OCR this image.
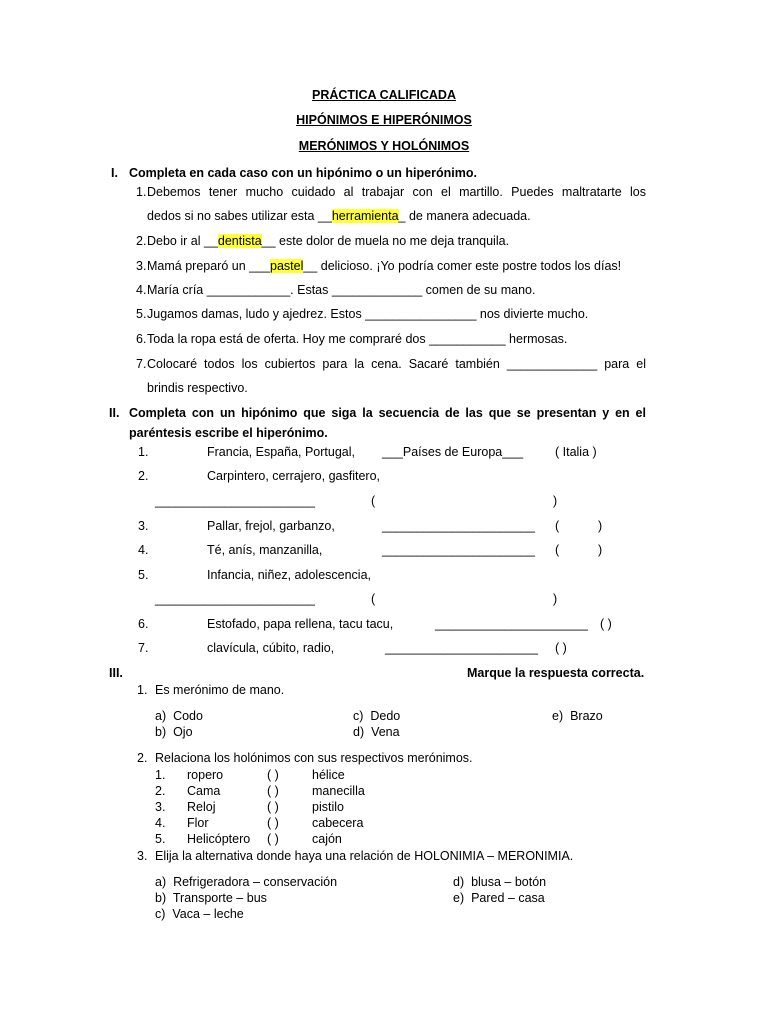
PRÁCTICA CALIFICADA
HIPÓNIMOS E HIPERÓNIMOS
MERÓNIMOS Y HOLÓNIMOS
I. Completa en cada caso con un hipónimo o un hiperónimo.
1. Debemos tener mucho cuidado al trabajar con el martillo. Puedes maltratarte los
dedos si no sabes utilizar esta __herramienta_ de manera adecuada.
2. Debo ir al __dentista__ este dolor de muela no me deja tranquila.
3. Mamá preparó un ___pastel__ delicioso. ¡Yo podría comer este postre todos los días!
4. María cría ____________. Estas _____________ comen de su mano.
5. Jugamos damas, ludo y ajedrez. Estos ________________ nos divierte mucho.
6. Toda la ropa está de oferta. Hoy me compraré dos ___________ hermosas.
7. Colocaré todos los cubiertos para la cena. Sacaré también _____________ para el
brindis respectivo.
II. Completa con un hipónimo que siga la secuencia de las que se presentan y en el
paréntesis escribe el hiperónimo.
1.	Francia, España, Portugal, ___Países de Europa___	( Italia )
2.	Carpintero, cerrajero, gasfitero,
_______________________	(	)
3.	Pallar, frejol, garbanzo,	______________________ (	)
4.	Té, anís, manzanilla,	______________________ (	)
5.	Infancia, niñez, adolescencia,
_______________________	(	)
6.	Estofado, papa rellena, tacu tacu,	______________________ ( )
7.	clavícula, cúbito, radio,	______________________ ( )
III.	Marque la respuesta correcta.
1. Es merónimo de mano.
a) Codo
b) Ojo
c) Dedo
d) Vena
e) Brazo
2. Relaciona los holónimos con sus respectivos merónimos.
1. ropero	( )	hélice
2. Cama	( )	manecilla
3. Reloj	( )	pistilo
4. Flor	( )	cabecera
5. Helicóptero ( )	cajón
3. Elija la alternativa donde haya una relación de HOLONIMIA – MERONIMIA.
a) Refrigeradora – conservación
b) Transporte – bus
c) Vaca – leche
d) blusa – botón
e) Pared – casa
